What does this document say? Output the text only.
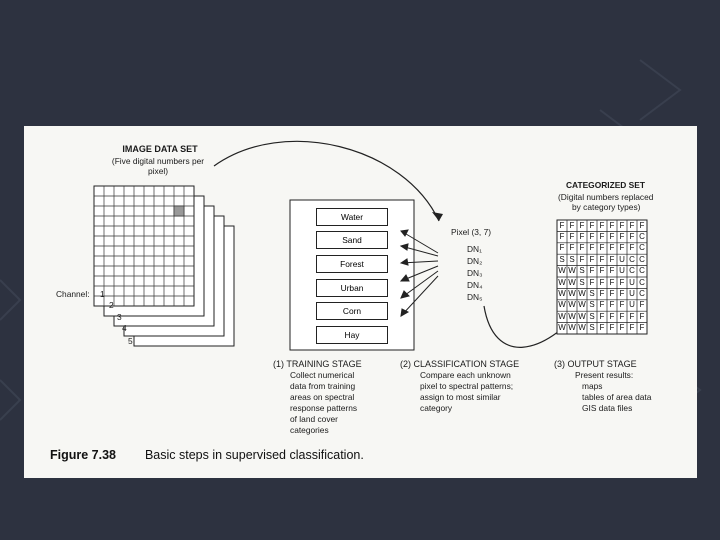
IMAGE DATA SET
(Five digital numbers per pixel)
Channel: 1
2
3
4
5
Water
Sand
Forest
Urban
Corn
Hay
Pixel (3, 7)
DN₁
DN₂
DN₃
DN₄
DN₅
CATEGORIZED SET
(Digital numbers replaced
by category types)
F F F F F F F F F
F F F F F F F F C
F F F F F F F F C
S S F F F F U C C
W W S F F F U C C
W W S F F F F U C
W W W S F F F U C
W W W S F F F U F
W W W S F F F F F
W W W S F F F F F
(1) TRAINING STAGE
Collect numerical
data from training
areas on spectral
response patterns
of land cover
categories
(2) CLASSIFICATION STAGE
Compare each unknown
pixel to spectral patterns;
assign to most similar
category
(3) OUTPUT STAGE
Present results:
maps
tables of area data
GIS data files
Figure 7.38 Basic steps in supervised classification.
